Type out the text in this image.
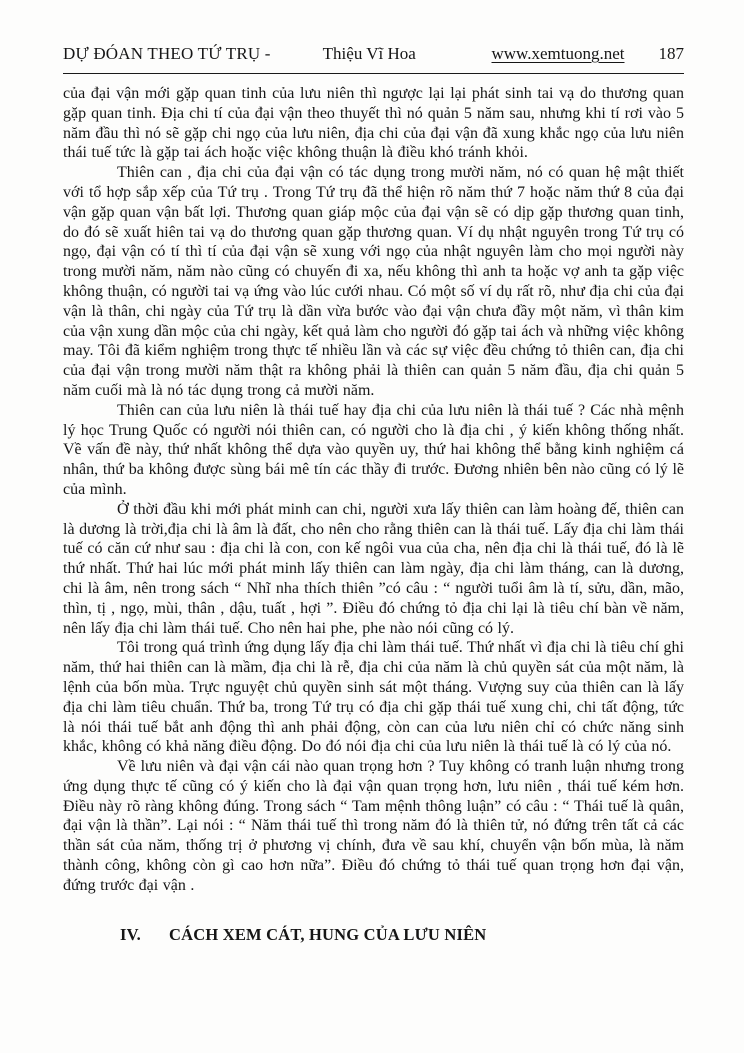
DỰ ĐÓAN THEO TỨ TRỤ -	Thiệu Vĩ Hoa	www.xemtuong.net 187

của đại vận mới gặp quan tinh của lưu niên thì ngược lại lại phát sinh tai vạ do thương quan gặp quan tinh. Địa chi tí của đại vận theo thuyết thì nó quản 5 năm sau, nhưng khi tí rơi vào 5 năm đầu thì nó sẽ gặp chi ngọ của lưu niên, địa chi của đại vận đã xung khắc ngọ của lưu niên thái tuế tức là gặp tai ách hoặc việc không thuận là điều khó tránh khỏi.

Thiên can , địa chi của đại vận có tác dụng trong mười năm, nó có quan hệ mật thiết với tổ hợp sắp xếp của Tứ trụ . Trong Tứ trụ đã thể hiện rõ năm thứ 7 hoặc năm thứ 8 của đại vận gặp quan vận bất lợi. Thương quan giáp mộc của đại vận sẽ có dịp gặp thương quan tinh, do đó sẽ xuất hiên tai vạ do thương quan gặp thương quan. Ví dụ nhật nguyên trong Tứ trụ có ngọ, đại vận có tí thì tí của đại vận sẽ xung với ngọ của nhật nguyên làm cho mọi người này trong mười năm, năm nào cũng có chuyến đi xa, nếu không thì anh ta hoặc vợ anh ta gặp việc không thuận, có người tai vạ ứng vào lúc cưới nhau. Có một số ví dụ rất rõ, như địa chi của đại vận là thân, chi ngày của Tứ trụ là dần vừa bước vào đại vận chưa đầy một năm, vì thân kim của vận xung dần mộc của chi ngày, kết quả làm cho người đó gặp tai ách và những việc không may. Tôi đã kiểm nghiệm trong thực tế nhiều lần và các sự việc đều chứng tỏ thiên can, địa chi của đại vận trong mười năm thật ra không phải là thiên can quản 5 năm đầu, địa chi quản 5 năm cuối mà là nó tác dụng trong cả mười năm.

Thiên can của lưu niên là thái tuế hay địa chi của lưu niên là thái tuế ? Các nhà mệnh lý học Trung Quốc có người nói thiên can, có người cho là địa chi , ý kiến không thống nhất. Về vấn đề này, thứ nhất không thể dựa vào quyền uy, thứ hai không thể bằng kinh nghiệm cá nhân, thứ ba không được sùng bái mê tín các thầy đi trước. Đương nhiên bên nào cũng có lý lẽ của mình.

Ở thời đầu khi mới phát minh can chi, người xưa lấy thiên can làm hoàng đế, thiên can là dương là trời,địa chi là âm là đất, cho nên cho rằng thiên can là thái tuế. Lấy địa chi làm thái tuế có căn cứ như sau : địa chi là con, con kế ngôi vua của cha, nên địa chi là thái tuế, đó là lẽ thứ nhất. Thứ hai lúc mới phát minh lấy thiên can làm ngày, địa chi làm tháng, can là dương, chi là âm, nên trong sách “ Nhĩ nha thích thiên ”có câu : “ người tuổi âm là tí, sửu, dần, mão, thìn, tị , ngọ, mùi, thân , dậu, tuất , hợi ”. Điều đó chứng tỏ địa chi lại là tiêu chí bàn về năm, nên lấy địa chi làm thái tuế. Cho nên hai phe, phe nào nói cũng có lý.

Tôi trong quá trình ứng dụng lấy địa chi làm thái tuế. Thứ nhất vì địa chi là tiêu chí ghi năm, thứ hai thiên can là mầm, địa chi là rễ, địa chi của năm là chủ quyền sát của một năm, là lệnh của bốn mùa. Trực nguyệt chủ quyền sinh sát một tháng. Vượng suy của thiên can là lấy địa chi làm tiêu chuẩn. Thứ ba, trong Tứ trụ có địa chi gặp thái tuế xung chi, chi tất động, tức là nói thái tuế bắt anh động thì anh phải động, còn can của lưu niên chỉ có chức năng sinh khắc, không có khả năng điều động. Do đó nói địa chi của lưu niên là thái tuế là có lý của nó.

Về lưu niên và đại vận cái nào quan trọng hơn ? Tuy không có tranh luận nhưng trong ứng dụng thực tế cũng có ý kiến cho là đại vận quan trọng hơn, lưu niên , thái tuế kém hơn. Điều này rõ ràng không đúng. Trong sách “ Tam mệnh thông luận” có câu : “ Thái tuế là quân, đại vận là thần”. Lại nói : “ Năm thái tuế thì trong năm đó là thiên tử, nó đứng trên tất cả các thần sát của năm, thống trị ở phương vị chính, đưa về sau khí, chuyển vận bốn mùa, là năm thành công, không còn gì cao hơn nữa”. Điều đó chứng tỏ thái tuế quan trọng hơn đại vận, đứng trước đại vận .

IV.	CÁCH XEM CÁT, HUNG CỦA LƯU NIÊN
